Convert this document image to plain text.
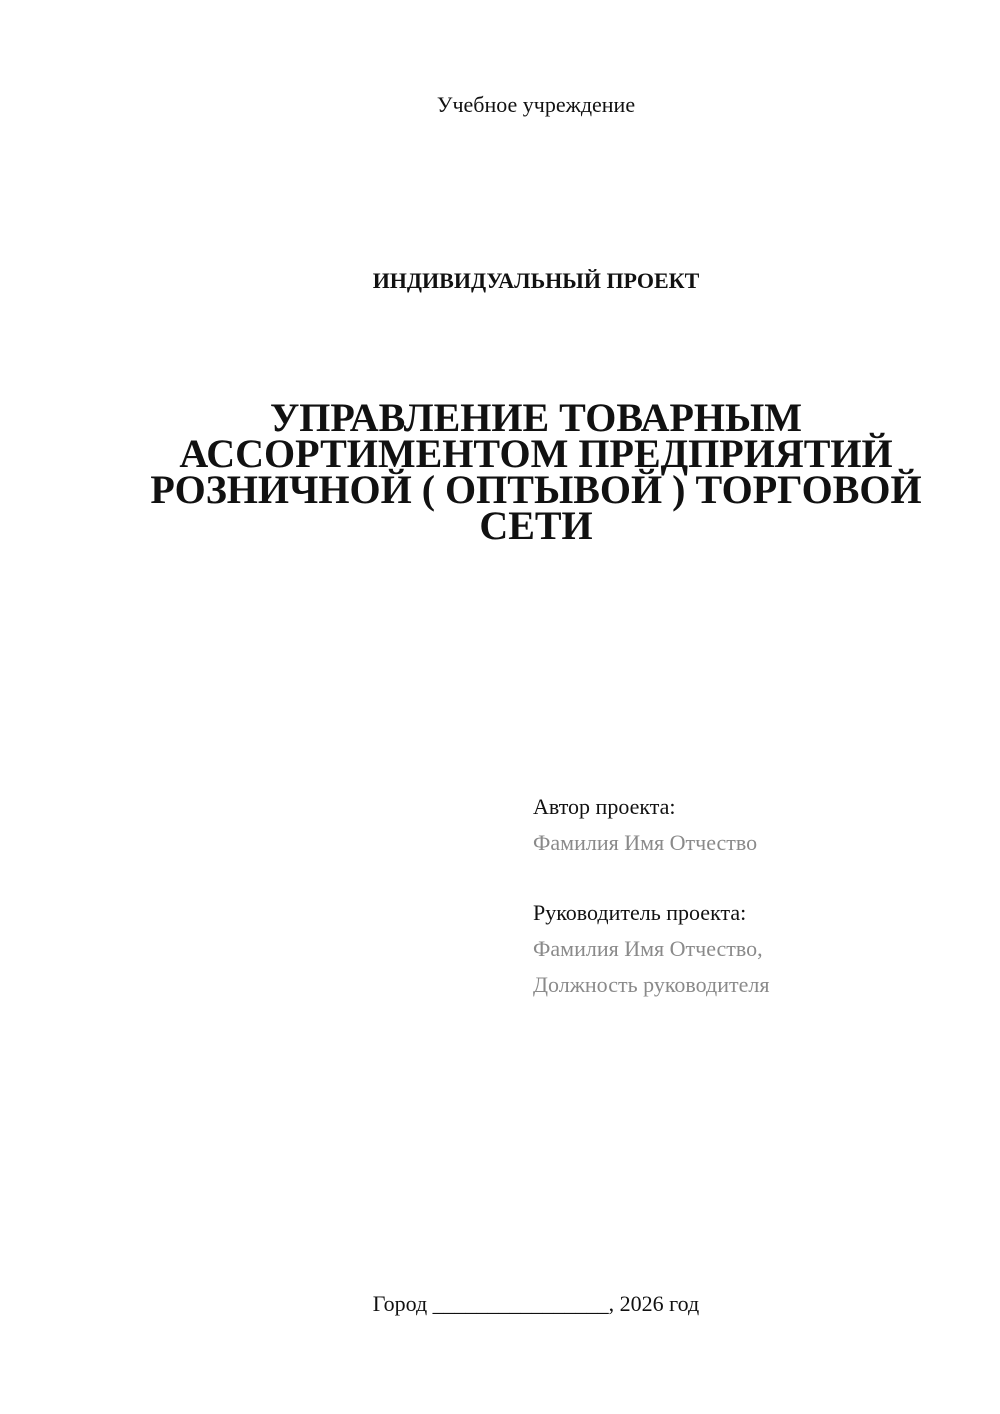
Учебное учреждение
ИНДИВИДУАЛЬНЫЙ ПРОЕКТ
УПРАВЛЕНИЕ ТОВАРНЫМ
АССОРТИМЕНТОМ ПРЕДПРИЯТИЙ
РОЗНИЧНОЙ ( ОПТЫВОЙ ) ТОРГОВОЙ
СЕТИ
Автор проекта:
Фамилия Имя Отчество
Руководитель проекта:
Фамилия Имя Отчество,
Должность руководителя
Город ________________, 2026 год
